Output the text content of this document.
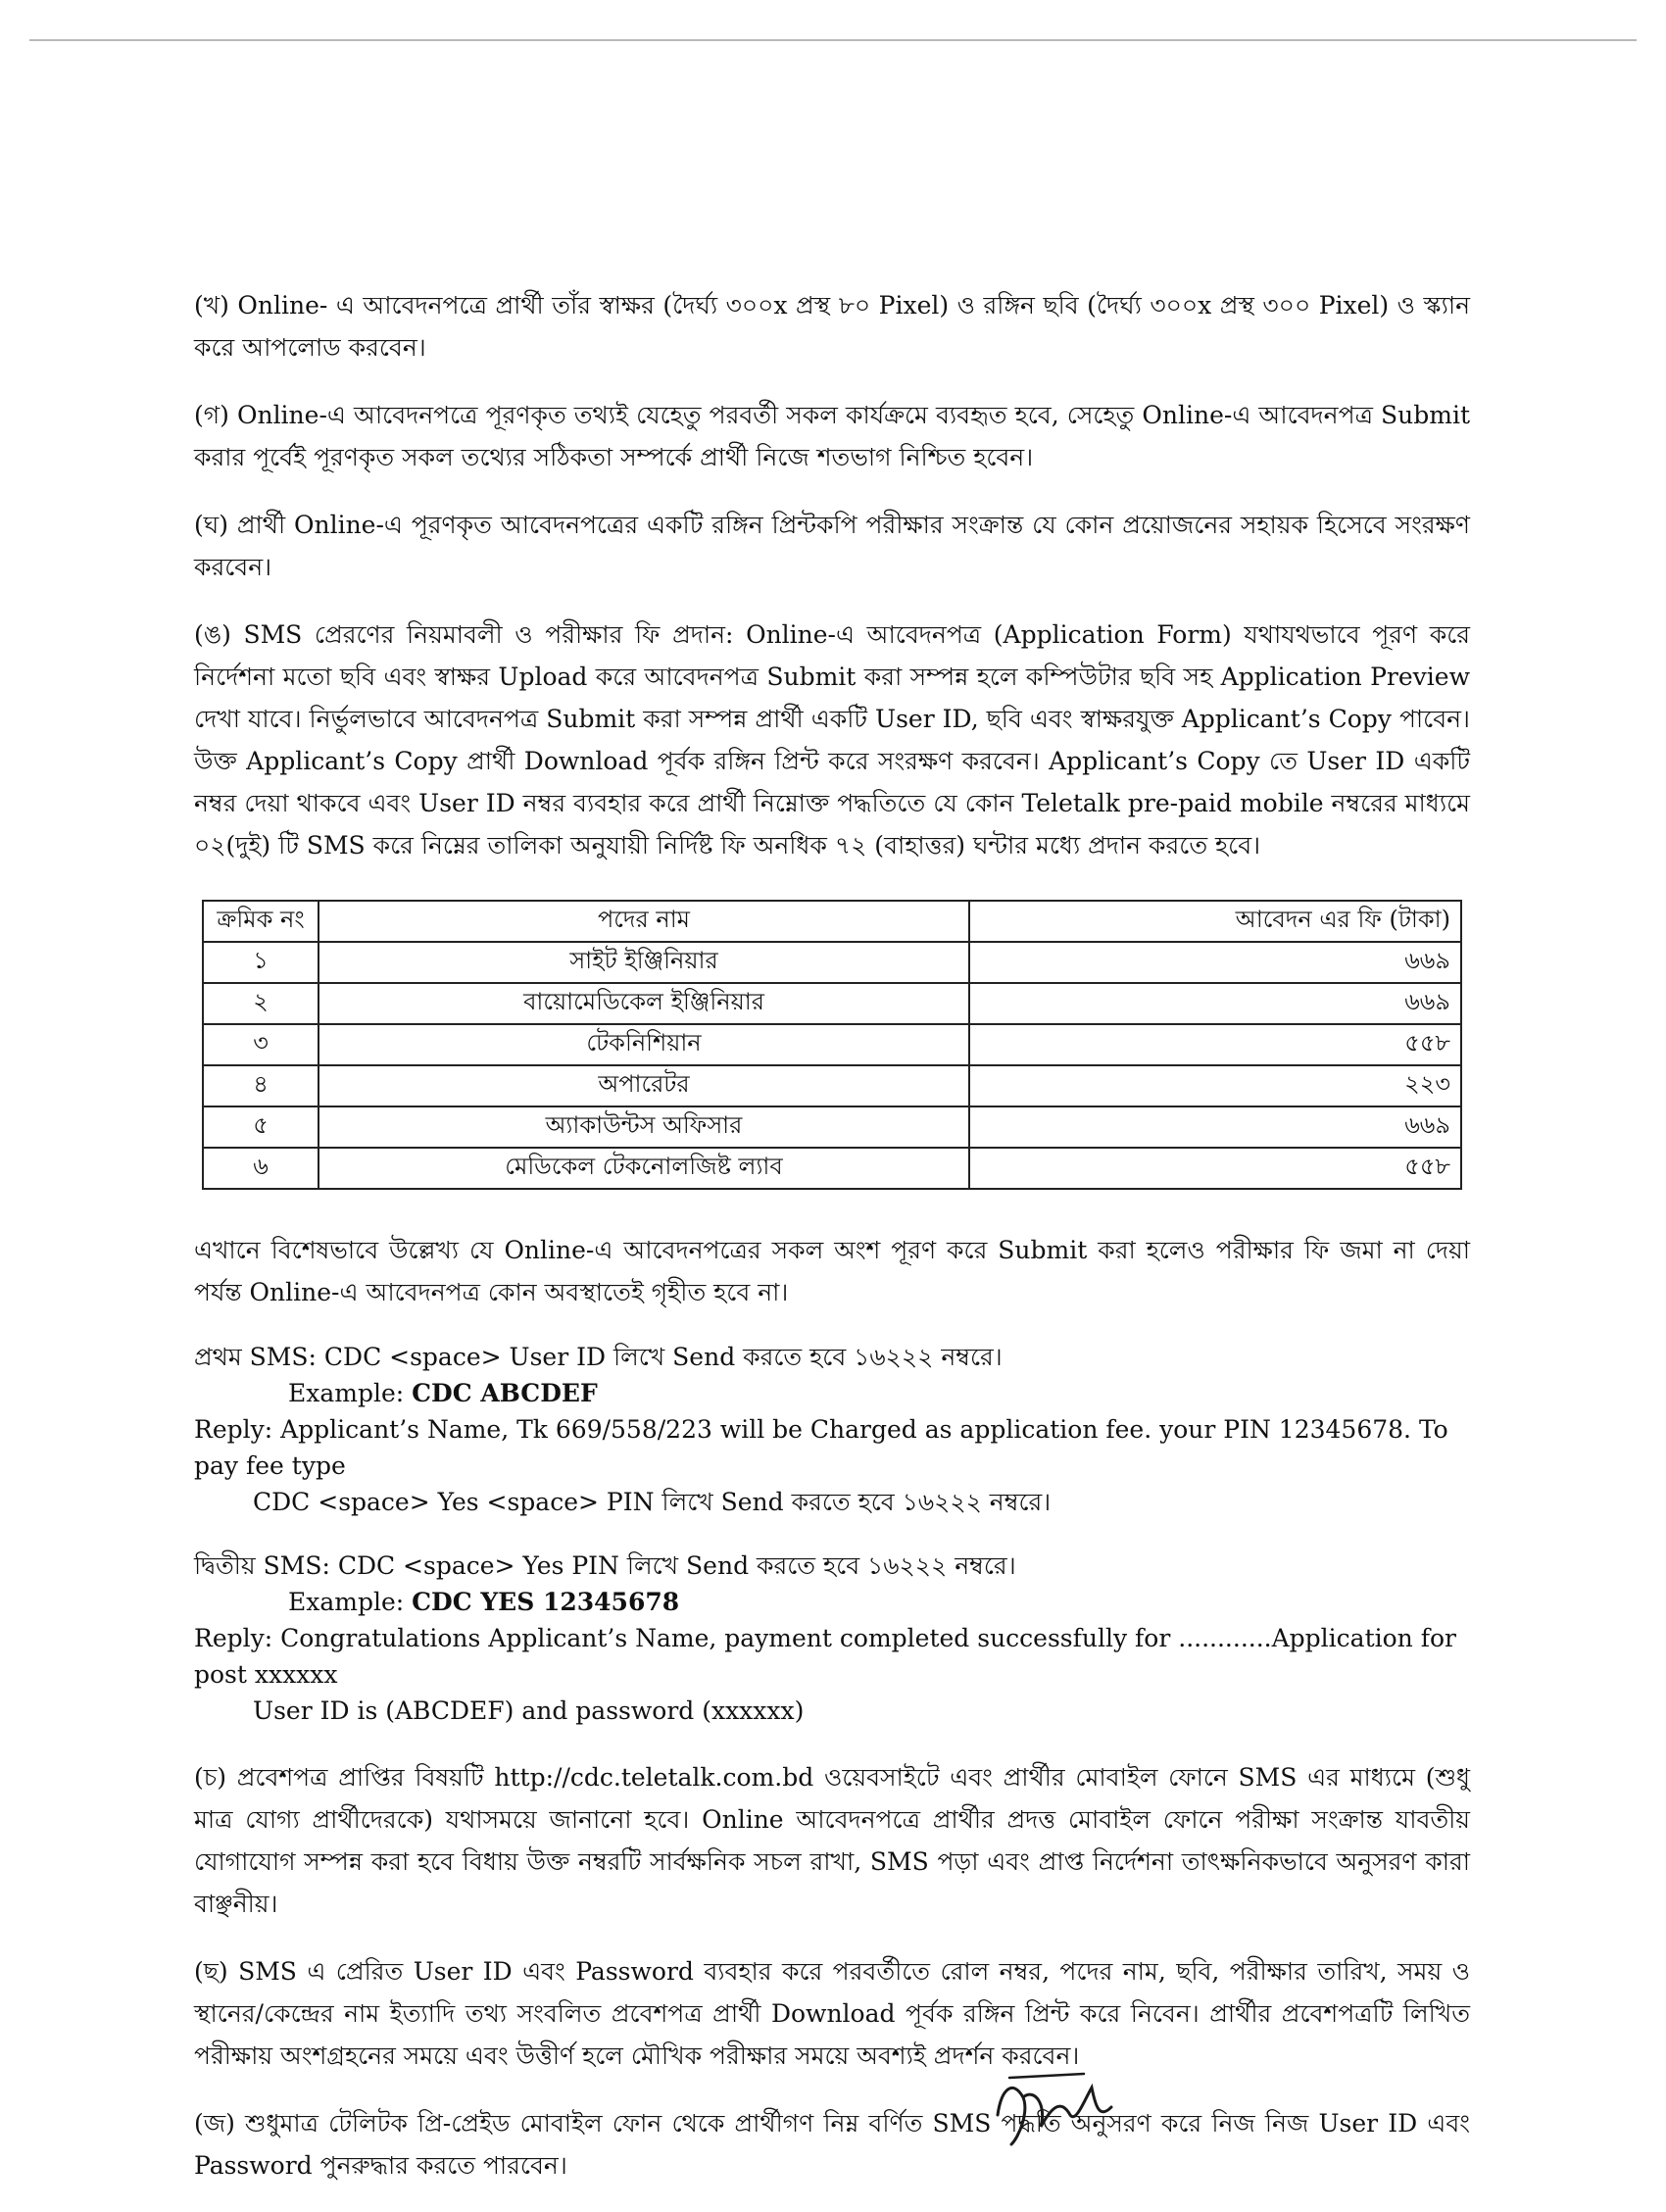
(খ) Online- এ আবেদনপত্রে প্রার্থী তাঁর স্বাক্ষর (দৈর্ঘ্য ৩০০x প্রস্থ ৮০ Pixel) ও রঙ্গিন ছবি (দৈর্ঘ্য ৩০০x প্রস্থ ৩০০ Pixel) ও স্ক্যান করে আপলোড করবেন।

(গ) Online-এ আবেদনপত্রে পূরণকৃত তথ্যই যেহেতু পরবর্তী সকল কার্যক্রমে ব্যবহৃত হবে, সেহেতু Online-এ আবেদনপত্র Submit করার পূর্বেই পূরণকৃত সকল তথ্যের সঠিকতা সম্পর্কে প্রার্থী নিজে শতভাগ নিশ্চিত হবেন।

(ঘ) প্রার্থী Online-এ পূরণকৃত আবেদনপত্রের একটি রঙ্গিন প্রিন্টকপি পরীক্ষার সংক্রান্ত যে কোন প্রয়োজনের সহায়ক হিসেবে সংরক্ষণ করবেন।

(ঙ) SMS প্রেরণের নিয়মাবলী ও পরীক্ষার ফি প্রদান: Online-এ আবেদনপত্র (Application Form) যথাযথভাবে পূরণ করে নির্দেশনা মতো ছবি এবং স্বাক্ষর Upload করে আবেদনপত্র Submit করা সম্পন্ন হলে কম্পিউটার ছবি সহ Application Preview দেখা যাবে। নির্ভুলভাবে আবেদনপত্র Submit করা সম্পন্ন প্রার্থী একটি User ID, ছবি এবং স্বাক্ষরযুক্ত Applicant’s Copy পাবেন। উক্ত Applicant’s Copy প্রার্থী Download পূর্বক রঙ্গিন প্রিন্ট করে সংরক্ষণ করবেন। Applicant’s Copy তে User ID একটি নম্বর দেয়া থাকবে এবং User ID নম্বর ব্যবহার করে প্রার্থী নিম্নোক্ত পদ্ধতিতে যে কোন Teletalk pre-paid mobile নম্বরের মাধ্যমে ০২(দুই) টি SMS করে নিম্নের তালিকা অনুযায়ী নির্দিষ্ট ফি অনধিক ৭২ (বাহাত্তর) ঘন্টার মধ্যে প্রদান করতে হবে।

ক্রমিক নং	পদের নাম	আবেদন এর ফি (টাকা)
১	সাইট ইঞ্জিনিয়ার	৬৬৯
২	বায়োমেডিকেল ইঞ্জিনিয়ার	৬৬৯
৩	টেকনিশিয়ান	৫৫৮
৪	অপারেটর	২২৩
৫	অ্যাকাউন্টস অফিসার	৬৬৯
৬	মেডিকেল টেকনোলজিষ্ট ল্যাব	৫৫৮

এখানে বিশেষভাবে উল্লেখ্য যে Online-এ আবেদনপত্রের সকল অংশ পূরণ করে Submit করা হলেও পরীক্ষার ফি জমা না দেয়া পর্যন্ত Online-এ আবেদনপত্র কোন অবস্থাতেই গৃহীত হবে না।

প্রথম SMS: CDC <space> User ID লিখে Send করতে হবে ১৬২২২ নম্বরে।
Example: CDC ABCDEF
Reply: Applicant’s Name, Tk 669/558/223 will be Charged as application fee. your PIN 12345678. To pay fee type
CDC <space> Yes <space> PIN লিখে Send করতে হবে ১৬২২২ নম্বরে।
দ্বিতীয় SMS: CDC <space> Yes PIN লিখে Send করতে হবে ১৬২২২ নম্বরে।
Example: CDC YES 12345678
Reply: Congratulations Applicant’s Name, payment completed successfully for ............Application for post xxxxxx
User ID is (ABCDEF) and password (xxxxxx)

(চ) প্রবেশপত্র প্রাপ্তির বিষয়টি http://cdc.teletalk.com.bd ওয়েবসাইটে এবং প্রার্থীর মোবাইল ফোনে SMS এর মাধ্যমে (শুধু মাত্র যোগ্য প্রার্থীদেরকে) যথাসময়ে জানানো হবে। Online আবেদনপত্রে প্রার্থীর প্রদত্ত মোবাইল ফোনে পরীক্ষা সংক্রান্ত যাবতীয় যোগাযোগ সম্পন্ন করা হবে বিধায় উক্ত নম্বরটি সার্বক্ষনিক সচল রাখা, SMS পড়া এবং প্রাপ্ত নির্দেশনা তাৎক্ষনিকভাবে অনুসরণ কারা বাঞ্ছনীয়।

(ছ) SMS এ প্রেরিত User ID এবং Password ব্যবহার করে পরবর্তীতে রোল নম্বর, পদের নাম, ছবি, পরীক্ষার তারিখ, সময় ও স্থানের/কেন্দ্রের নাম ইত্যাদি তথ্য সংবলিত প্রবেশপত্র প্রার্থী Download পূর্বক রঙ্গিন প্রিন্ট করে নিবেন। প্রার্থীর প্রবেশপত্রটি লিখিত পরীক্ষায় অংশগ্রহনের সময়ে এবং উত্তীর্ণ হলে মৌখিক পরীক্ষার সময়ে অবশ্যই প্রদর্শন করবেন।

(জ) শুধুমাত্র টেলিটক প্রি-প্রেইড মোবাইল ফোন থেকে প্রার্থীগণ নিম্ন বর্ণিত SMS পদ্ধতি অনুসরণ করে নিজ নিজ User ID এবং Password পুনরুদ্ধার করতে পারবেন।
